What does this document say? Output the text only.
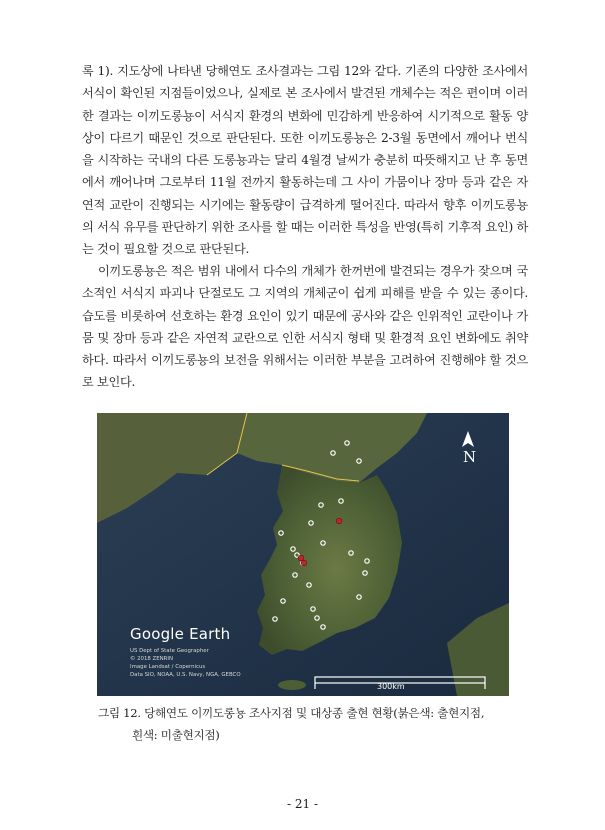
록 1). 지도상에 나타낸 당해연도 조사결과는 그림 12와 같다. 기존의 다양한 조사에서 서식이 확인된 지점들이었으나, 실제로 본 조사에서 발견된 개체수는 적은 편이며 이러한 결과는 이끼도롱뇽이 서식지 환경의 변화에 민감하게 반응하여 시기적으로 활동 양상이 다르기 때문인 것으로 판단된다. 또한 이끼도롱뇽은 2-3월 동면에서 깨어나 번식을 시작하는 국내의 다른 도롱뇽과는 달리 4월경 날씨가 충분히 따뜻해지고 난 후 동면에서 깨어나며 그로부터 11월 전까지 활동하는데 그 사이 가뭄이나 장마 등과 같은 자연적 교란이 진행되는 시기에는 활동량이 급격하게 떨어진다. 따라서 향후 이끼도롱뇽의 서식 유무를 판단하기 위한 조사를 할 때는 이러한 특성을 반영(특히 기후적 요인) 하는 것이 필요할 것으로 판단된다.

이끼도롱뇽은 적은 범위 내에서 다수의 개체가 한꺼번에 발견되는 경우가 잦으며 국소적인 서식지 파괴나 단절로도 그 지역의 개체군이 쉽게 피해를 받을 수 있는 종이다. 습도를 비롯하여 선호하는 환경 요인이 있기 때문에 공사와 같은 인위적인 교란이나 가뭄 및 장마 등과 같은 자연적 교란으로 인한 서식지 형태 및 환경적 요인 변화에도 취약하다. 따라서 이끼도롱뇽의 보전을 위해서는 이러한 부분을 고려하여 진행해야 할 것으로 보인다.

N
Google Earth
US Dept of State Geographer
© 2018 ZENRIN
Image Landsat / Copernicus
Data SIO, NOAA, U.S. Navy, NGA, GEBCO
300km

그림 12. 당해연도 이끼도롱뇽 조사지점 및 대상종 출현 현황(붉은색: 출현지점,

흰색: 미출현지점)

- 21 -
